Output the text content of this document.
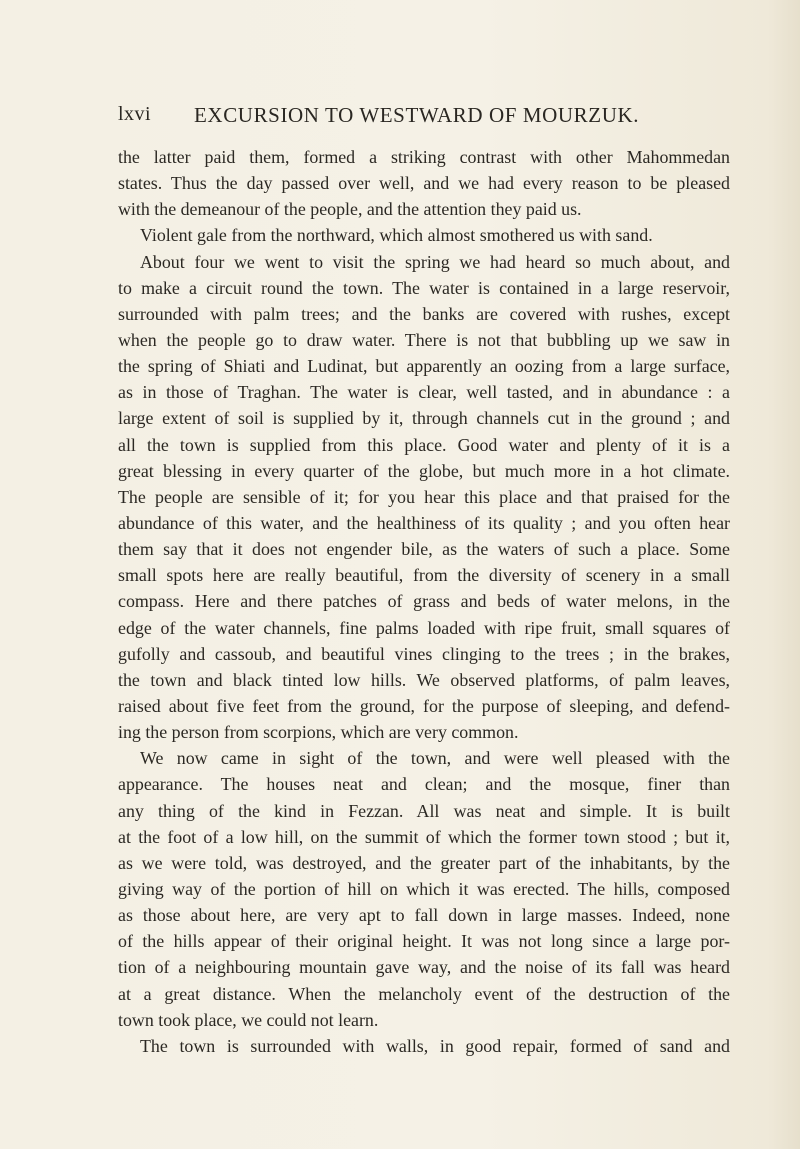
lxvi EXCURSION TO WESTWARD OF MOURZUK.
the latter paid them, formed a striking contrast with other Mahommedan
states. Thus the day passed over well, and we had every reason to be pleased
with the demeanour of the people, and the attention they paid us.
Violent gale from the northward, which almost smothered us with sand.
About four we went to visit the spring we had heard so much about, and
to make a circuit round the town. The water is contained in a large reservoir,
surrounded with palm trees; and the banks are covered with rushes, except
when the people go to draw water. There is not that bubbling up we saw in
the spring of Shiati and Ludinat, but apparently an oozing from a large surface,
as in those of Traghan. The water is clear, well tasted, and in abundance : a
large extent of soil is supplied by it, through channels cut in the ground ; and
all the town is supplied from this place. Good water and plenty of it is a
great blessing in every quarter of the globe, but much more in a hot climate.
The people are sensible of it; for you hear this place and that praised for the
abundance of this water, and the healthiness of its quality ; and you often hear
them say that it does not engender bile, as the waters of such a place. Some
small spots here are really beautiful, from the diversity of scenery in a small
compass. Here and there patches of grass and beds of water melons, in the
edge of the water channels, fine palms loaded with ripe fruit, small squares of
gufolly and cassoub, and beautiful vines clinging to the trees ; in the brakes,
the town and black tinted low hills. We observed platforms, of palm leaves,
raised about five feet from the ground, for the purpose of sleeping, and defend-
ing the person from scorpions, which are very common.
We now came in sight of the town, and were well pleased with the
appearance. The houses neat and clean; and the mosque, finer than
any thing of the kind in Fezzan. All was neat and simple. It is built
at the foot of a low hill, on the summit of which the former town stood ; but it,
as we were told, was destroyed, and the greater part of the inhabitants, by the
giving way of the portion of hill on which it was erected. The hills, composed
as those about here, are very apt to fall down in large masses. Indeed, none
of the hills appear of their original height. It was not long since a large por-
tion of a neighbouring mountain gave way, and the noise of its fall was heard
at a great distance. When the melancholy event of the destruction of the
town took place, we could not learn.
The town is surrounded with walls, in good repair, formed of sand and
